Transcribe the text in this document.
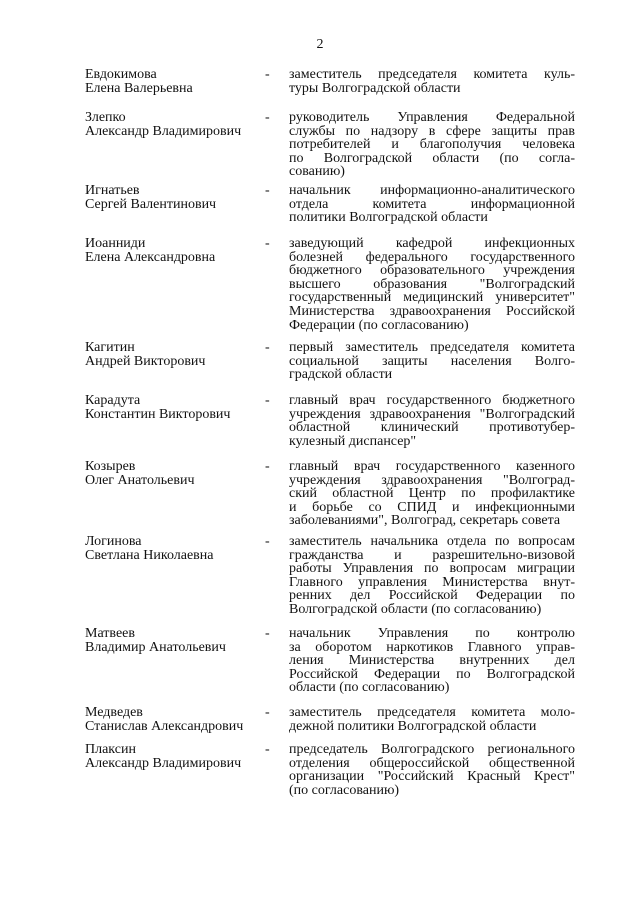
2
Евдокимова
Елена Валерьевна
- заместитель председателя комитета куль-
туры Волгоградской области
Злепко
Александр Владимирович
- руководитель Управления Федеральной
службы по надзору в сфере защиты прав
потребителей и благополучия человека
по Волгоградской области (по согла-
сованию)
Игнатьев
Сергей Валентинович
- начальник информационно-аналитического
отдела комитета информационной
политики Волгоградской области
Иоанниди
Елена Александровна
- заведующий кафедрой инфекционных
болезней федерального государственного
бюджетного образовательного учреждения
высшего образования "Волгоградский
государственный медицинский университет"
Министерства здравоохранения Российской
Федерации (по согласованию)
Кагитин
Андрей Викторович
- первый заместитель председателя комитета
социальной защиты населения Волго-
градской области
Карадута
Константин Викторович
- главный врач государственного бюджетного
учреждения здравоохранения "Волгоградский
областной клинический противотубер-
кулезный диспансер"
Козырев
Олег Анатольевич
- главный врач государственного казенного
учреждения здравоохранения "Волгоград-
ский областной Центр по профилактике
и борьбе со СПИД и инфекционными
заболеваниями", Волгоград, секретарь совета
Логинова
Светлана Николаевна
- заместитель начальника отдела по вопросам
гражданства и разрешительно-визовой
работы Управления по вопросам миграции
Главного управления Министерства внут-
ренних дел Российской Федерации по
Волгоградской области (по согласованию)
Матвеев
Владимир Анатольевич
- начальник Управления по контролю
за оборотом наркотиков Главного управ-
ления Министерства внутренних дел
Российской Федерации по Волгоградской
области (по согласованию)
Медведев
Станислав Александрович
- заместитель председателя комитета моло-
дежной политики Волгоградской области
Плаксин
Александр Владимирович
- председатель Волгоградского регионального
отделения общероссийской общественной
организации "Российский Красный Крест"
(по согласованию)
